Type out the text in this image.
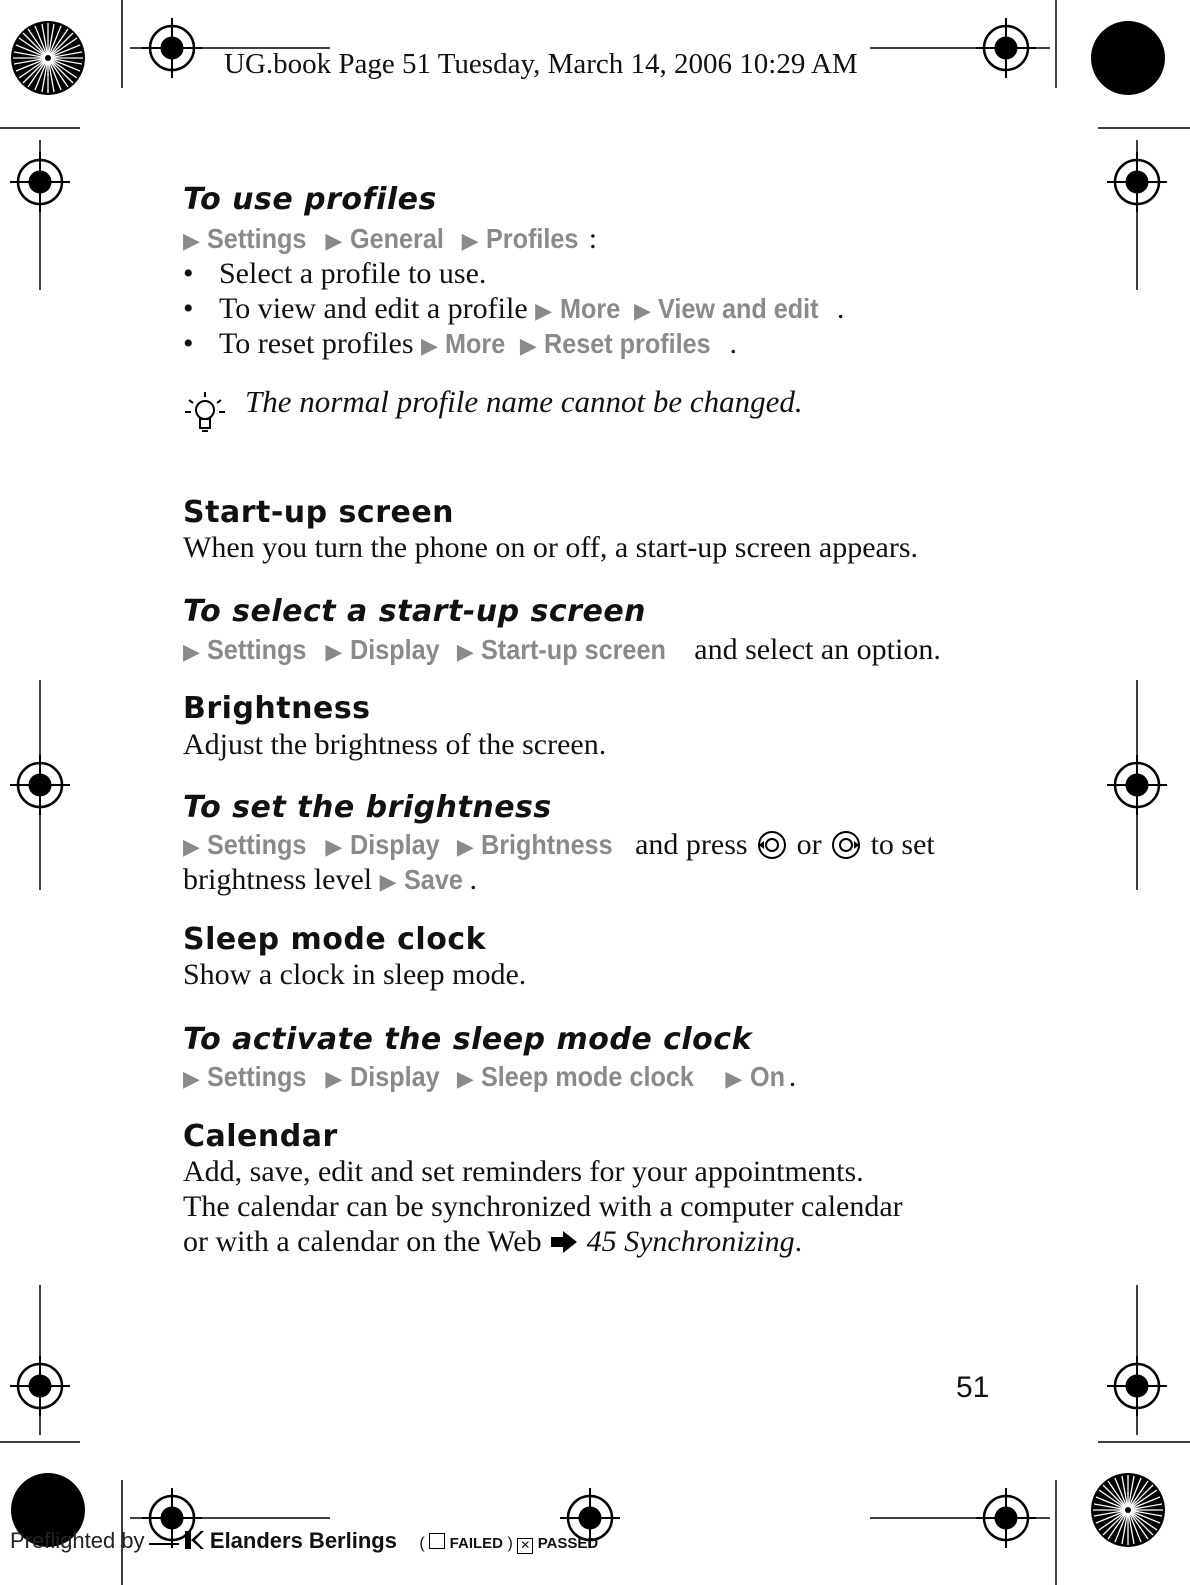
UG.book Page 51 Tuesday, March 14, 2006 10:29 AM
To use profiles
▶ Settings ▶ General ▶ Profiles :
• Select a profile to use.
• To view and edit a profile ▶ More ▶ View and edit .
• To reset profiles ▶ More ▶ Reset profiles .
The normal profile name cannot be changed.
Start-up screen
When you turn the phone on or off, a start-up screen appears.
To select a start-up screen
▶ Settings ▶ Display ▶ Start-up screen and select an option.
Brightness
Adjust the brightness of the screen.
To set the brightness
▶ Settings ▶ Display ▶ Brightness and press or to set
brightness level ▶ Save .
Sleep mode clock
Show a clock in sleep mode.
To activate the sleep mode clock
▶ Settings ▶ Display ▶ Sleep mode clock ▶ On .
Calendar
Add, save, edit and set reminders for your appointments.
The calendar can be synchronized with a computer calendar
or with a calendar on the Web 45 Synchronizing.
51
Preflighted by	Elanders Berlings ( FAILED ) ✕ PASSED
